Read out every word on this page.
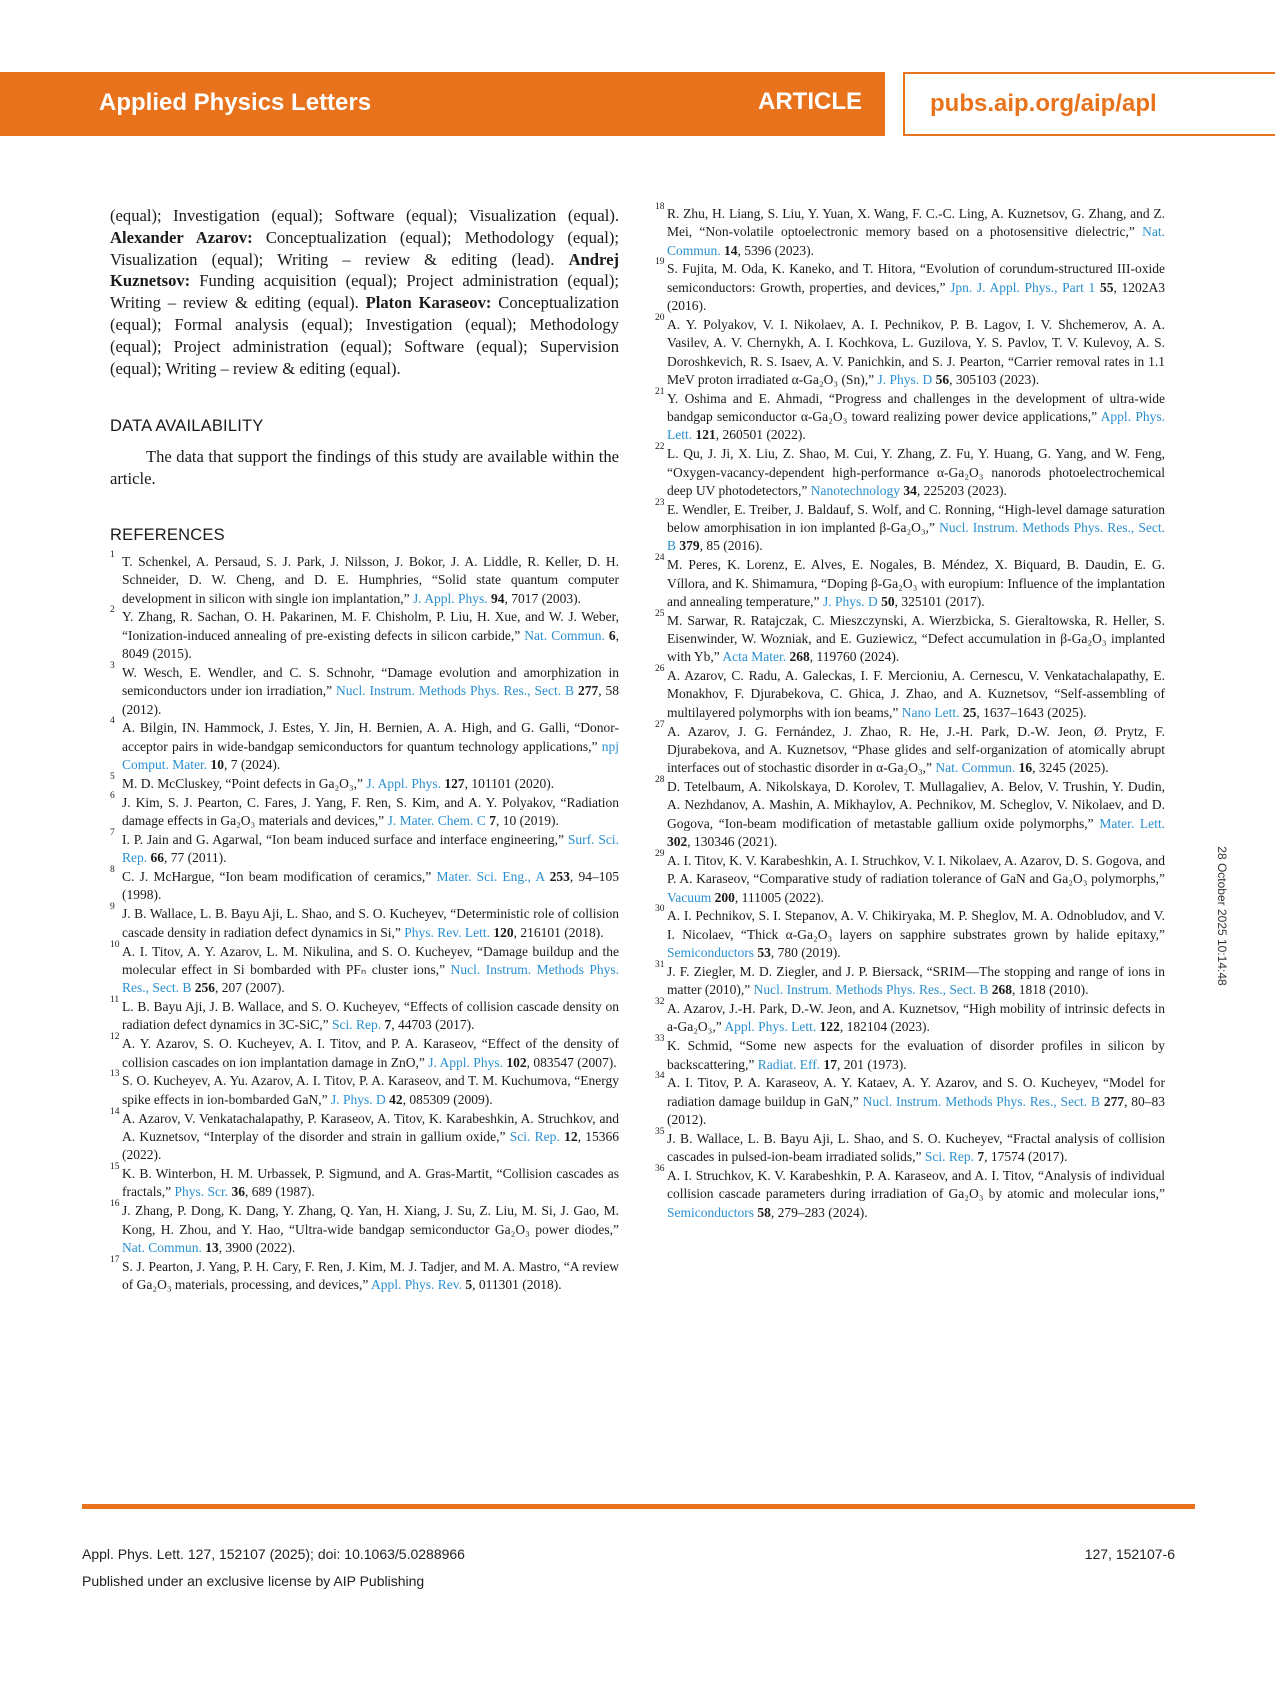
Applied Physics Letters	ARTICLE	pubs.aip.org/aip/apl

(equal); Investigation (equal); Software (equal); Visualization (equal). Alexander Azarov: Conceptualization (equal); Methodology (equal); Visualization (equal); Writing – review & editing (lead). Andrej Kuznetsov: Funding acquisition (equal); Project administration (equal); Writing – review & editing (equal). Platon Karaseov: Conceptualization (equal); Formal analysis (equal); Investigation (equal); Methodology (equal); Project administration (equal); Software (equal); Supervision (equal); Writing – review & editing (equal).

DATA AVAILABILITY

The data that support the findings of this study are available within the article.

REFERENCES

1 T. Schenkel, A. Persaud, S. J. Park, J. Nilsson, J. Bokor, J. A. Liddle, R. Keller, D. H. Schneider, D. W. Cheng, and D. E. Humphries, “Solid state quantum computer development in silicon with single ion implantation,” J. Appl. Phys. 94, 7017 (2003).

2 Y. Zhang, R. Sachan, O. H. Pakarinen, M. F. Chisholm, P. Liu, H. Xue, and W. J. Weber, “Ionization-induced annealing of pre-existing defects in silicon carbide,” Nat. Commun. 6, 8049 (2015).

3 W. Wesch, E. Wendler, and C. S. Schnohr, “Damage evolution and amorphization in semiconductors under ion irradiation,” Nucl. Instrum. Methods Phys. Res., Sect. B 277, 58 (2012).

4 A. Bilgin, IN. Hammock, J. Estes, Y. Jin, H. Bernien, A. A. High, and G. Galli, “Donor-acceptor pairs in wide-bandgap semiconductors for quantum technology applications,” npj Comput. Mater. 10, 7 (2024).

5 M. D. McCluskey, “Point defects in Ga₂O₃,” J. Appl. Phys. 127, 101101 (2020).

6 J. Kim, S. J. Pearton, C. Fares, J. Yang, F. Ren, S. Kim, and A. Y. Polyakov, “Radiation damage effects in Ga₂O₃ materials and devices,” J. Mater. Chem. C 7, 10 (2019).

7 I. P. Jain and G. Agarwal, “Ion beam induced surface and interface engineering,” Surf. Sci. Rep. 66, 77 (2011).

8 C. J. McHargue, “Ion beam modification of ceramics,” Mater. Sci. Eng., A 253, 94–105 (1998).

9 J. B. Wallace, L. B. Bayu Aji, L. Shao, and S. O. Kucheyev, “Deterministic role of collision cascade density in radiation defect dynamics in Si,” Phys. Rev. Lett. 120, 216101 (2018).

10 A. I. Titov, A. Y. Azarov, L. M. Nikulina, and S. O. Kucheyev, “Damage buildup and the molecular effect in Si bombarded with PFₙ cluster ions,” Nucl. Instrum. Methods Phys. Res., Sect. B 256, 207 (2007).

11 L. B. Bayu Aji, J. B. Wallace, and S. O. Kucheyev, “Effects of collision cascade density on radiation defect dynamics in 3C-SiC,” Sci. Rep. 7, 44703 (2017).

12 A. Y. Azarov, S. O. Kucheyev, A. I. Titov, and P. A. Karaseov, “Effect of the density of collision cascades on ion implantation damage in ZnO,” J. Appl. Phys. 102, 083547 (2007).

13 S. O. Kucheyev, A. Yu. Azarov, A. I. Titov, P. A. Karaseov, and T. M. Kuchumova, “Energy spike effects in ion-bombarded GaN,” J. Phys. D 42, 085309 (2009).

14 A. Azarov, V. Venkatachalapathy, P. Karaseov, A. Titov, K. Karabeshkin, A. Struchkov, and A. Kuznetsov, “Interplay of the disorder and strain in gallium oxide,” Sci. Rep. 12, 15366 (2022).

15 K. B. Winterbon, H. M. Urbassek, P. Sigmund, and A. Gras-Martit, “Collision cascades as fractals,” Phys. Scr. 36, 689 (1987).

16 J. Zhang, P. Dong, K. Dang, Y. Zhang, Q. Yan, H. Xiang, J. Su, Z. Liu, M. Si, J. Gao, M. Kong, H. Zhou, and Y. Hao, “Ultra-wide bandgap semiconductor Ga₂O₃ power diodes,” Nat. Commun. 13, 3900 (2022).

17 S. J. Pearton, J. Yang, P. H. Cary, F. Ren, J. Kim, M. J. Tadjer, and M. A. Mastro, “A review of Ga₂O₃ materials, processing, and devices,” Appl. Phys. Rev. 5, 011301 (2018).

18 R. Zhu, H. Liang, S. Liu, Y. Yuan, X. Wang, F. C.-C. Ling, A. Kuznetsov, G. Zhang, and Z. Mei, “Non-volatile optoelectronic memory based on a photosensitive dielectric,” Nat. Commun. 14, 5396 (2023).

19 S. Fujita, M. Oda, K. Kaneko, and T. Hitora, “Evolution of corundum-structured III-oxide semiconductors: Growth, properties, and devices,” Jpn. J. Appl. Phys., Part 1 55, 1202A3 (2016).

20 A. Y. Polyakov, V. I. Nikolaev, A. I. Pechnikov, P. B. Lagov, I. V. Shchemerov, A. A. Vasilev, A. V. Chernykh, A. I. Kochkova, L. Guzilova, Y. S. Pavlov, T. V. Kulevoy, A. S. Doroshkevich, R. S. Isaev, A. V. Panichkin, and S. J. Pearton, “Carrier removal rates in 1.1 MeV proton irradiated α-Ga₂O₃ (Sn),” J. Phys. D 56, 305103 (2023).

21 Y. Oshima and E. Ahmadi, “Progress and challenges in the development of ultra-wide bandgap semiconductor α-Ga₂O₃ toward realizing power device applications,” Appl. Phys. Lett. 121, 260501 (2022).

22 L. Qu, J. Ji, X. Liu, Z. Shao, M. Cui, Y. Zhang, Z. Fu, Y. Huang, G. Yang, and W. Feng, “Oxygen-vacancy-dependent high-performance α-Ga₂O₃ nanorods photoelectrochemical deep UV photodetectors,” Nanotechnology 34, 225203 (2023).

23 E. Wendler, E. Treiber, J. Baldauf, S. Wolf, and C. Ronning, “High-level damage saturation below amorphisation in ion implanted β-Ga₂O₃,” Nucl. Instrum. Methods Phys. Res., Sect. B 379, 85 (2016).

24 M. Peres, K. Lorenz, E. Alves, E. Nogales, B. Méndez, X. Biquard, B. Daudin, E. G. Víllora, and K. Shimamura, “Doping β-Ga₂O₃ with europium: Influence of the implantation and annealing temperature,” J. Phys. D 50, 325101 (2017).

25 M. Sarwar, R. Ratajczak, C. Mieszczynski, A. Wierzbicka, S. Gieraltowska, R. Heller, S. Eisenwinder, W. Wozniak, and E. Guziewicz, “Defect accumulation in β-Ga₂O₃ implanted with Yb,” Acta Mater. 268, 119760 (2024).

26 A. Azarov, C. Radu, A. Galeckas, I. F. Mercioniu, A. Cernescu, V. Venkatachalapathy, E. Monakhov, F. Djurabekova, C. Ghica, J. Zhao, and A. Kuznetsov, “Self-assembling of multilayered polymorphs with ion beams,” Nano Lett. 25, 1637–1643 (2025).

27 A. Azarov, J. G. Fernández, J. Zhao, R. He, J.-H. Park, D.-W. Jeon, Ø. Prytz, F. Djurabekova, and A. Kuznetsov, “Phase glides and self-organization of atomically abrupt interfaces out of stochastic disorder in α-Ga₂O₃,” Nat. Commun. 16, 3245 (2025).

28 D. Tetelbaum, A. Nikolskaya, D. Korolev, T. Mullagaliev, A. Belov, V. Trushin, Y. Dudin, A. Nezhdanov, A. Mashin, A. Mikhaylov, A. Pechnikov, M. Scheglov, V. Nikolaev, and D. Gogova, “Ion-beam modification of metastable gallium oxide polymorphs,” Mater. Lett. 302, 130346 (2021).

29 A. I. Titov, K. V. Karabeshkin, A. I. Struchkov, V. I. Nikolaev, A. Azarov, D. S. Gogova, and P. A. Karaseov, “Comparative study of radiation tolerance of GaN and Ga₂O₃ polymorphs,” Vacuum 200, 111005 (2022).

30 A. I. Pechnikov, S. I. Stepanov, A. V. Chikiryaka, M. P. Sheglov, M. A. Odnobludov, and V. I. Nicolaev, “Thick α-Ga₂O₃ layers on sapphire substrates grown by halide epitaxy,” Semiconductors 53, 780 (2019).

31 J. F. Ziegler, M. D. Ziegler, and J. P. Biersack, “SRIM—The stopping and range of ions in matter (2010),” Nucl. Instrum. Methods Phys. Res., Sect. B 268, 1818 (2010).

32 A. Azarov, J.-H. Park, D.-W. Jeon, and A. Kuznetsov, “High mobility of intrinsic defects in a-Ga₂O₃,” Appl. Phys. Lett. 122, 182104 (2023).

33 K. Schmid, “Some new aspects for the evaluation of disorder profiles in silicon by backscattering,” Radiat. Eff. 17, 201 (1973).

34 A. I. Titov, P. A. Karaseov, A. Y. Kataev, A. Y. Azarov, and S. O. Kucheyev, “Model for radiation damage buildup in GaN,” Nucl. Instrum. Methods Phys. Res., Sect. B 277, 80–83 (2012).

35 J. B. Wallace, L. B. Bayu Aji, L. Shao, and S. O. Kucheyev, “Fractal analysis of collision cascades in pulsed-ion-beam irradiated solids,” Sci. Rep. 7, 17574 (2017).

36 A. I. Struchkov, K. V. Karabeshkin, P. A. Karaseov, and A. I. Titov, “Analysis of individual collision cascade parameters during irradiation of Ga₂O₃ by atomic and molecular ions,” Semiconductors 58, 279–283 (2024).

28 October 2025 10:14:48
Appl. Phys. Lett. 127, 152107 (2025); doi: 10.1063/5.0288966	127, 152107-6
Published under an exclusive license by AIP Publishing
